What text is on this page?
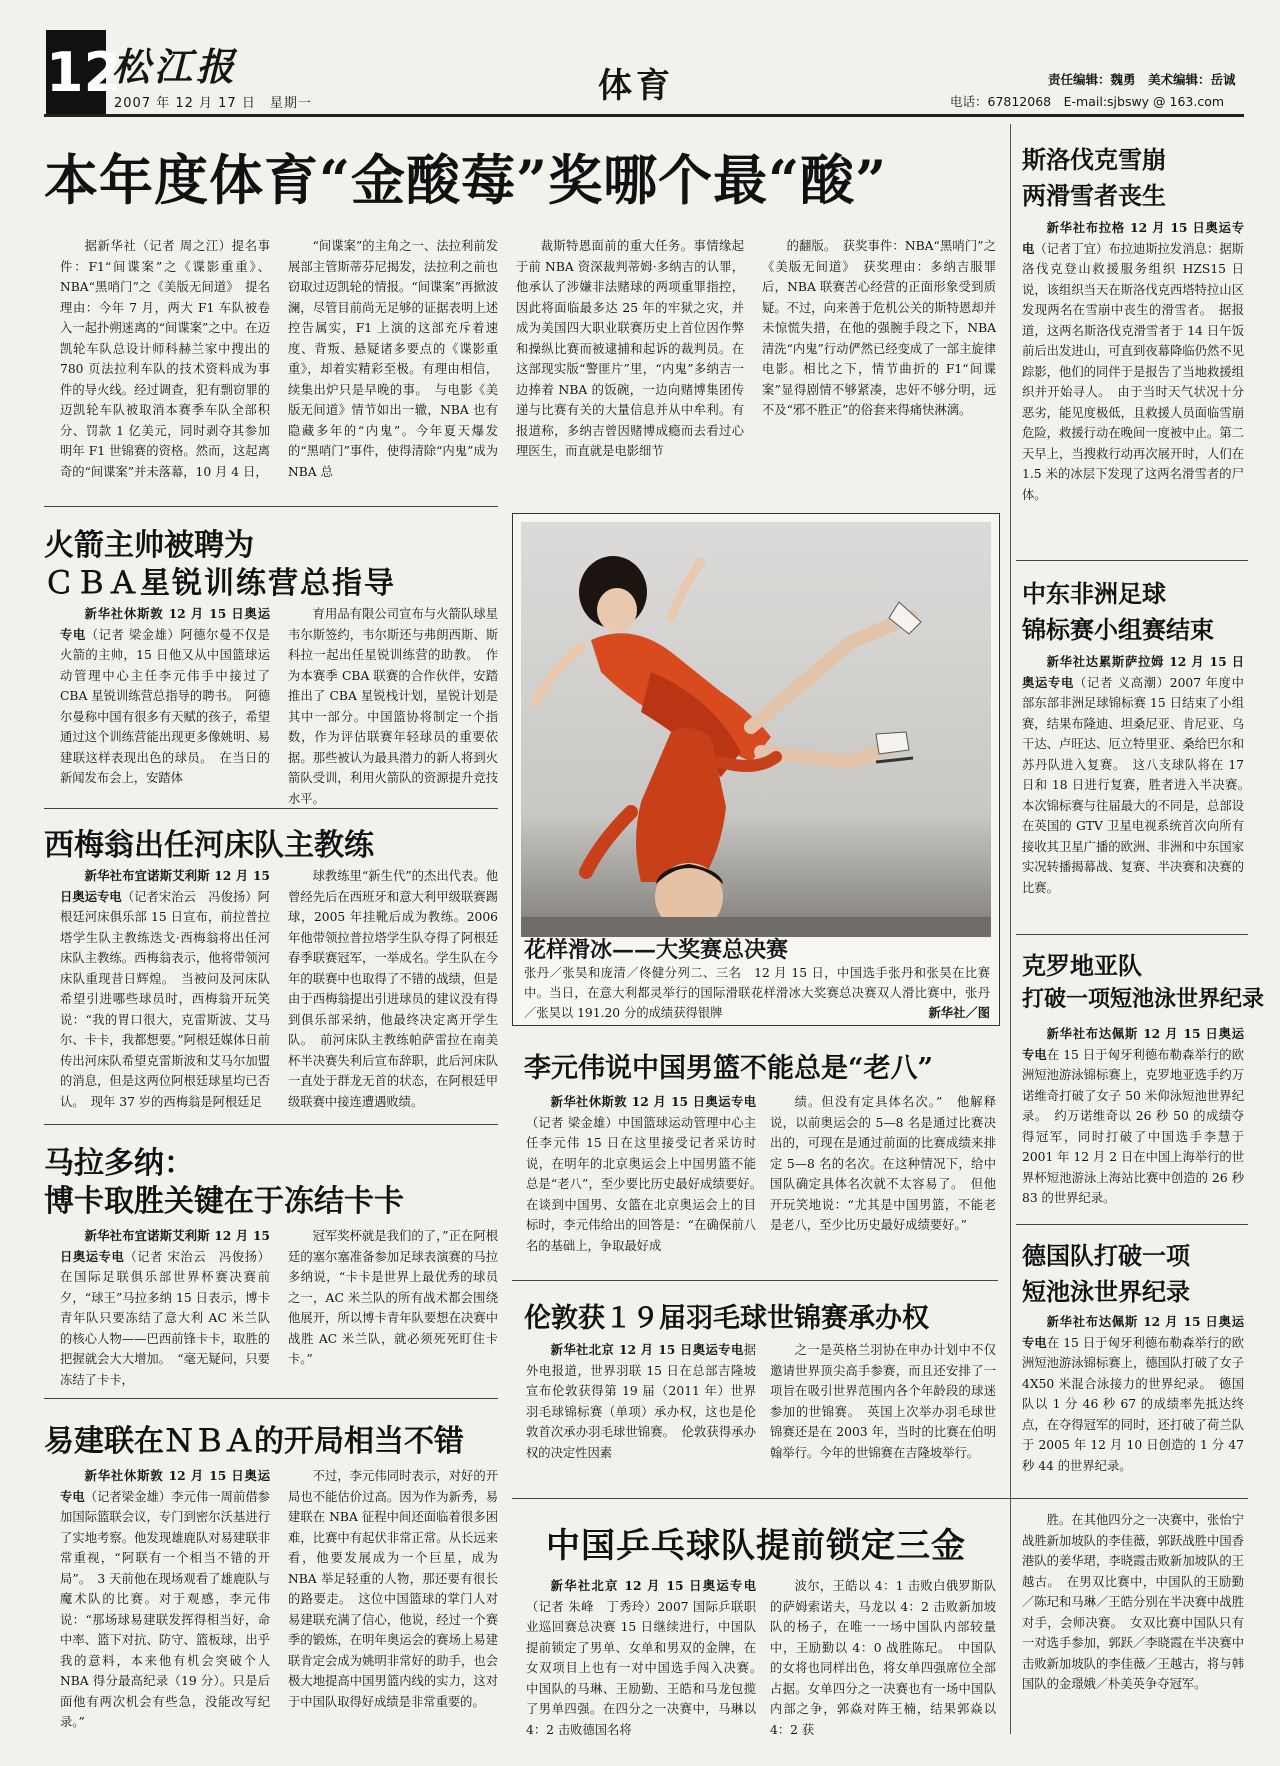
12
松江报
2007 年 12 月 17 日　星期一	体育	责任编辑：魏勇　美术编辑：岳诚
电话：67812068　E-mail:sjbswy @ 163.com
本年度体育“金酸莓”奖哪个最“酸”

据新华社（记者 周之江）提名事件：F1“间谍案”之《谍影重重》、NBA“黑哨门”之《美版无间道》　提名理由：今年 7 月，两大 F1 车队被卷入一起扑朔迷离的“间谍案”之中。在迈凯轮车队总设计师科赫兰家中搜出的 780 页法拉利车队的技术资料成为事件的导火线。经过调查，犯有剽窃罪的迈凯轮车队被取消本赛季车队全部积分、罚款 1 亿美元，同时剥夺其参加明年 F1 世锦赛的资格。然而，这起离奇的“间谍案”并未落幕，10 月 4 日，

“间谍案”的主角之一、法拉利前发展部主管斯蒂芬尼揭发，法拉利之前也窃取过迈凯轮的情报。“间谍案”再掀波澜，尽管目前尚无足够的证据表明上述控告属实，F1 上演的这部充斥着速度、背叛、悬疑诸多要点的《谍影重重》，却着实精彩至极。有理由相信，续集出炉只是早晚的事。　与电影《美版无间道》情节如出一辙，NBA 也有隐藏多年的“内鬼”。今年夏天爆发的“黑哨门”事件，使得清除“内鬼”成为 NBA 总

裁斯特恩面前的重大任务。事情缘起于前 NBA 资深裁判蒂姆·多纳吉的认罪，他承认了涉嫌非法赌球的两项重罪指控，因此将面临最多达 25 年的牢狱之灾，并成为美国四大职业联赛历史上首位因作弊和操纵比赛而被逮捕和起诉的裁判员。在这部现实版“警匪片”里，“内鬼”多纳吉一边捧着 NBA 的饭碗，一边向赌博集团传递与比赛有关的大量信息并从中牟利。有报道称，多纳吉曾因赌博成瘾而去看过心理医生，而直就是电影细节

的翻版。　获奖事件：NBA“黑哨门”之《美版无间道》　获奖理由：多纳吉服罪后，NBA 联赛苦心经营的正面形象受到质疑。不过，向来善于危机公关的斯特恩却并未惊慌失措，在他的强腕手段之下，NBA 清洗“内鬼”行动俨然已经变成了一部主旋律电影。相比之下，情节曲折的 F1“间谍案”显得剧情不够紧凑，忠奸不够分明，远不及“邪不胜正”的俗套来得痛快淋漓。

火箭主帅被聘为
ＣＢＡ星锐训练营总指导

新华社休斯敦 12 月 15 日奥运专电（记者 梁金雄）阿德尔曼不仅是火箭的主帅，15 日他又从中国篮球运动管理中心主任李元伟手中接过了 CBA 星锐训练营总指导的聘书。　阿德尔曼称中国有很多有天赋的孩子，希望通过这个训练营能出现更多像姚明、易建联这样表现出色的球员。　在当日的新闻发布会上，安踏体

育用品有限公司宣布与火箭队球星韦尔斯签约，韦尔斯还与弗朗西斯、斯科拉一起出任星锐训练营的助教。　作为本赛季 CBA 联赛的合作伙伴，安踏推出了 CBA 星锐栈计划，星锐计划是其中一部分。中国篮协将制定一个指数，作为评估联赛年轻球员的重要依据。那些被认为最具潜力的新人将到火箭队受训，利用火箭队的资源提升竞技水平。

西梅翁出任河床队主教练

新华社布宜诺斯艾利斯 12 月 15 日奥运专电（记者宋治云　冯俊扬）阿根廷河床俱乐部 15 日宣布，前拉普拉塔学生队主教练迭戈·西梅翁将出任河床队主教练。西梅翁表示，他将带领河床队重现昔日辉煌。　当被问及河床队希望引进哪些球员时，西梅翁开玩笑说：“我的胃口很大，克雷斯波、艾马尔、卡卡，我都想要。”阿根廷媒体日前传出河床队希望克雷斯波和艾马尔加盟的消息，但是这两位阿根廷球星均已否认。　现年 37 岁的西梅翁是阿根廷足

球教练里“新生代”的杰出代表。他曾经先后在西班牙和意大利甲级联赛踢球，2005 年挂靴后成为教练。2006 年他带领拉普拉塔学生队夺得了阿根廷春季联赛冠军，一举成名。学生队在今年的联赛中也取得了不错的战绩，但是由于西梅翁提出引进球员的建议没有得到俱乐部采纳，他最终决定离开学生队。　前河床队主教练帕萨雷拉在南美杯半决赛失利后宣布辞职，此后河床队一直处于群龙无首的状态，在阿根廷甲级联赛中接连遭遇败绩。

马拉多纳：
博卡取胜关键在于冻结卡卡

新华社布宜诺斯艾利斯 12 月 15 日奥运专电（记者 宋治云　冯俊扬）在国际足联俱乐部世界杯赛决赛前夕，“球王”马拉多纳 15 日表示，博卡青年队只要冻结了意大利 AC 米兰队的核心人物——巴西前锋卡卡，取胜的把握就会大大增加。　“毫无疑问，只要冻结了卡卡，

冠军奖杯就是我们的了，”正在阿根廷的塞尔塞准备参加足球表演赛的马拉多纳说，“卡卡是世界上最优秀的球员之一，AC 米兰队的所有战术都会围绕他展开，所以博卡青年队要想在决赛中战胜 AC 米兰队，就必须死死盯住卡卡。”

易建联在ＮＢＡ的开局相当不错

新华社休斯敦 12 月 15 日奥运专电（记者梁金雄）李元伟一周前借参加国际篮联会议，专门到密尔沃基进行了实地考察。他发现雄鹿队对易建联非常重视，“阿联有一个相当不错的开局”。　3 天前他在现场观看了雄鹿队与魔术队的比赛。对于观感，李元伟说：“那场球易建联发挥得相当好，命中率、篮下对抗、防守、篮板球，出乎我的意料，本来他有机会突破个人 NBA 得分最高纪录（19 分）。只是后面他有两次机会有些急，没能改写纪录。”

不过，李元伟同时表示，对好的开局也不能估价过高。因为作为新秀，易建联在 NBA 征程中间还面临着很多困难，比赛中有起伏非常正常。从长远来看，他要发展成为一个巨星，成为 NBA 举足轻重的人物，那还要有很长的路要走。　这位中国篮球的掌门人对易建联充满了信心，他说，经过一个赛季的锻炼，在明年奥运会的赛场上易建联肯定会成为姚明非常好的助手，也会极大地提高中国男篮内线的实力，这对于中国队取得好成绩是非常重要的。

花样滑冰——大奖赛总决赛
张丹／张昊和庞清／佟健分列二、三名　12 月 15 日，中国选手张丹和张昊在比赛中。当日，在意大利都灵举行的国际滑联花样滑冰大奖赛总决赛双人滑比赛中，张丹／张昊以 191.20 分的成绩获得银牌	新华社／图
李元伟说中国男篮不能总是“老八”

新华社休斯敦 12 月 15 日奥运专电（记者 梁金雄）中国篮球运动管理中心主任李元伟 15 日在这里接受记者采访时说，在明年的北京奥运会上中国男篮不能总是“老八”，至少要比历史最好成绩要好。　在谈到中国男、女篮在北京奥运会上的目标时，李元伟给出的回答是：“在确保前八名的基础上，争取最好成

绩。但没有定具体名次。”　他解释说，以前奥运会的 5—8 名是通过比赛决出的，可现在是通过前面的比赛成绩来排定 5—8 名的名次。在这种情况下，给中国队确定具体名次就不太容易了。　但他开玩笑地说：“尤其是中国男篮，不能老是老八，至少比历史最好成绩要好。”

伦敦获１９届羽毛球世锦赛承办权

新华社北京 12 月 15 日奥运专电据外电报道，世界羽联 15 日在总部吉隆坡宣布伦敦获得第 19 届（2011 年）世界羽毛球锦标赛（单项）承办权，这也是伦敦首次承办羽毛球世锦赛。　伦敦获得承办权的决定性因素

之一是英格兰羽协在申办计划中不仅邀请世界顶尖高手参赛，而且还安排了一项旨在吸引世界范围内各个年龄段的球迷参加的世锦赛。　英国上次举办羽毛球世锦赛还是在 2003 年，当时的比赛在伯明翰举行。今年的世锦赛在吉隆坡举行。

中国乒乓球队提前锁定三金

新华社北京 12 月 15 日奥运专电（记者 朱峰　丁秀玲）2007 国际乒联职业巡回赛总决赛 15 日继续进行，中国队提前锁定了男单、女单和男双的金牌，在女双项目上也有一对中国选手闯入决赛。　中国队的马琳、王励勤、王皓和马龙包揽了男单四强。在四分之一决赛中，马琳以 4：2 击败德国名将

波尔，王皓以 4：1 击败白俄罗斯队的萨姆索诺夫，马龙以 4：2 击败新加坡队的杨子，在唯一一场中国队内部较量中，王励勤以 4：0 战胜陈玘。　中国队的女将也同样出色，将女单四强席位全部占据。女单四分之一决赛也有一场中国队内部之争，郭焱对阵王楠，结果郭焱以 4：2 获

胜。在其他四分之一决赛中，张怡宁战胜新加坡队的李佳薇，郭跃战胜中国香港队的姜华珺，李晓霞击败新加坡队的王越古。　在男双比赛中，中国队的王励勤／陈玘和马琳／王皓分别在半决赛中战胜对手，会师决赛。　女双比赛中国队只有一对选手参加，郭跃／李晓霞在半决赛中击败新加坡队的李佳薇／王越古，将与韩国队的金璟娥／朴美英争夺冠军。

斯洛伐克雪崩
两滑雪者丧生

新华社布拉格 12 月 15 日奥运专电（记者丁宜）布拉迪斯拉发消息：据斯洛伐克登山救援服务组织 HZS15 日说，该组织当天在斯洛伐克西塔特拉山区发现两名在雪崩中丧生的滑雪者。　据报道，这两名斯洛伐克滑雪者于 14 日午饭前后出发进山，可直到夜幕降临仍然不见踪影，他们的同伴于是报告了当地救援组织并开始寻人。　由于当时天气状况十分恶劣，能见度极低，且救援人员面临雪崩危险，救援行动在晚间一度被中止。第二天早上，当搜救行动再次展开时，人们在 1.5 米的冰层下发现了这两名滑雪者的尸体。

中东非洲足球
锦标赛小组赛结束

新华社达累斯萨拉姆 12 月 15 日奥运专电（记者 义高潮）2007 年度中部东部非洲足球锦标赛 15 日结束了小组赛，结果布隆迪、坦桑尼亚、肯尼亚、乌干达、卢旺达、厄立特里亚、桑给巴尔和苏丹队进入复赛。　这八支球队将在 17 日和 18 日进行复赛，胜者进入半决赛。　本次锦标赛与往届最大的不同是，总部设在英国的 GTV 卫星电视系统首次向所有接收其卫星广播的欧洲、非洲和中东国家实况转播揭幕战、复赛、半决赛和决赛的比赛。

克罗地亚队
打破一项短池泳世界纪录

新华社布达佩斯 12 月 15 日奥运专电在 15 日于匈牙利德布勒森举行的欧洲短池游泳锦标赛上，克罗地亚选手约万诺维奇打破了女子 50 米仰泳短池世界纪录。　约万诺维奇以 26 秒 50 的成绩夺得冠军，同时打破了中国选手李慧于 2001 年 12 月 2 日在中国上海举行的世界杯短池游泳上海站比赛中创造的 26 秒 83 的世界纪录。

德国队打破一项
短池泳世界纪录

新华社布达佩斯 12 月 15 日奥运专电在 15 日于匈牙利德布勒森举行的欧洲短池游泳锦标赛上，德国队打破了女子 4X50 米混合泳接力的世界纪录。　德国队以 1 分 46 秒 67 的成绩率先抵达终点，在夺得冠军的同时，还打破了荷兰队于 2005 年 12 月 10 日创造的 1 分 47 秒 44 的世界纪录。
